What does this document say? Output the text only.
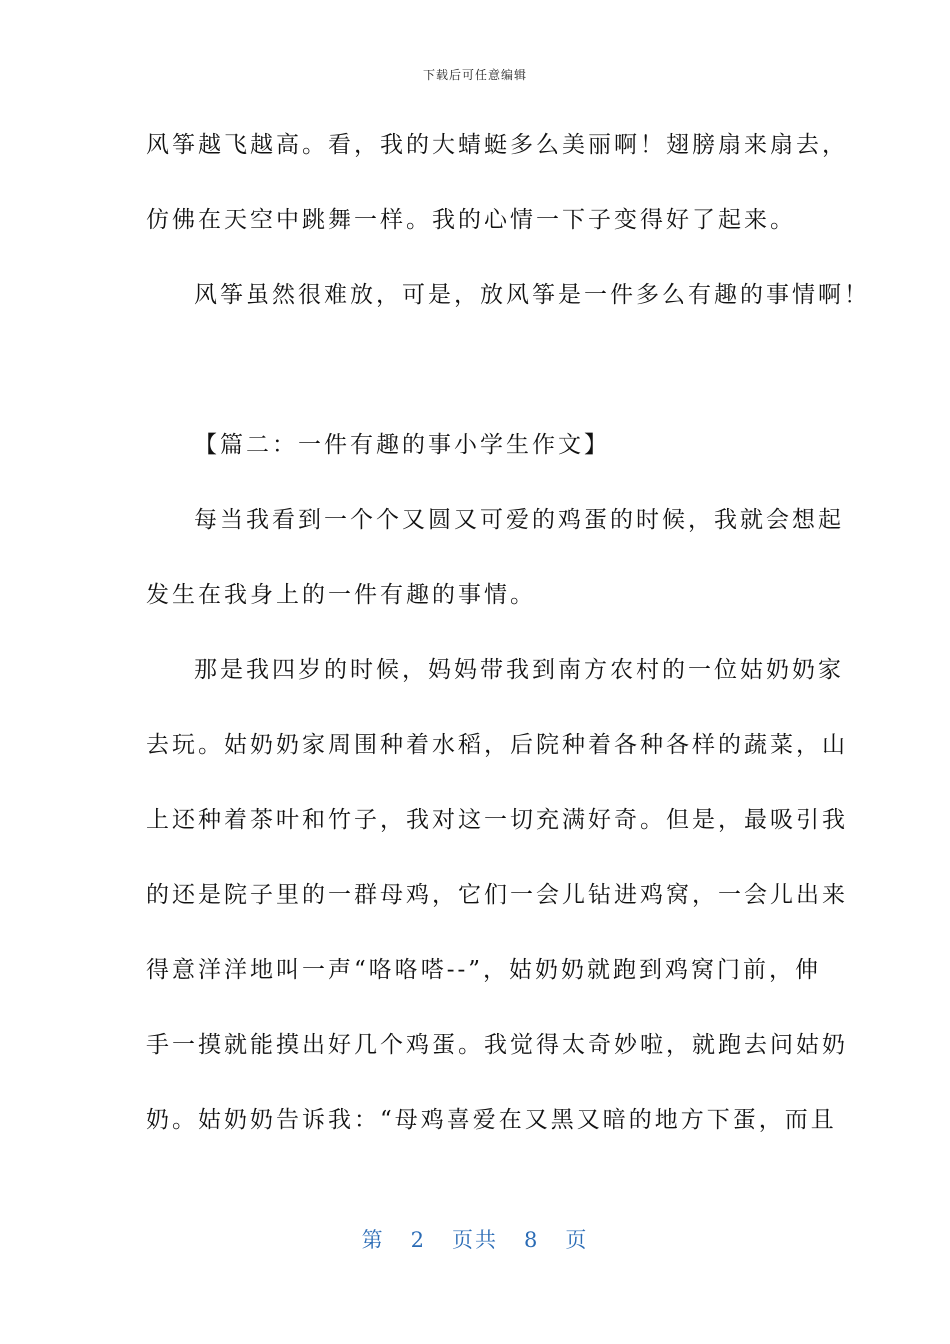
下载后可任意编辑
风筝越飞越高。看，我的大蜻蜓多么美丽啊！翅膀扇来扇去，
仿佛在天空中跳舞一样。我的心情一下子变得好了起来。
风筝虽然很难放，可是，放风筝是一件多么有趣的事情啊！
【篇二：一件有趣的事小学生作文】
每当我看到一个个又圆又可爱的鸡蛋的时候，我就会想起
发生在我身上的一件有趣的事情。
那是我四岁的时候，妈妈带我到南方农村的一位姑奶奶家
去玩。姑奶奶家周围种着水稻，后院种着各种各样的蔬菜，山
上还种着茶叶和竹子，我对这一切充满好奇。但是，最吸引我
的还是院子里的一群母鸡，它们一会儿钻进鸡窝，一会儿出来
得意洋洋地叫一声“咯咯嗒--”，姑奶奶就跑到鸡窝门前，伸
手一摸就能摸出好几个鸡蛋。我觉得太奇妙啦，就跑去问姑奶
奶。姑奶奶告诉我：“母鸡喜爱在又黑又暗的地方下蛋，而且
第 2 页共 8 页
